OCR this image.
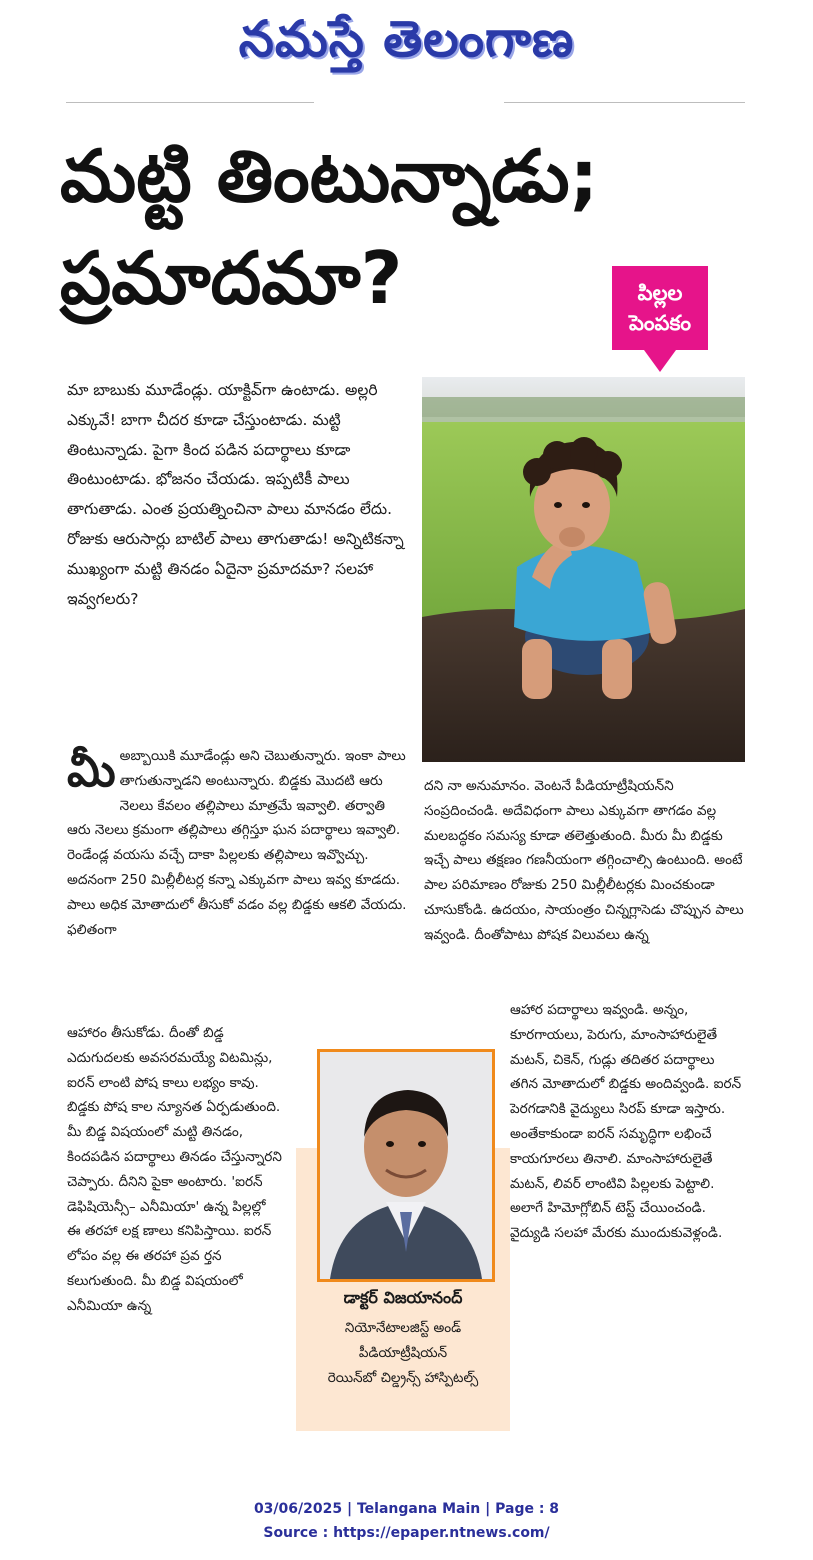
నమస్తే తెలంగాణ
మట్టి తింటున్నాడు;
ప్రమాదమా?	పిల్లల
పెంపకం
మా బాబుకు మూడేండ్లు. యాక్టివ్‌గా ఉంటాడు. అల్లరి ఎక్కువే! బాగా చీదర కూడా చేస్తుంటాడు. మట్టి తింటున్నాడు. పైగా కింద పడిన పదార్థాలు కూడా తింటుంటాడు. భోజనం చేయడు. ఇప్పటికీ పాలు తాగుతాడు. ఎంత ప్రయత్నించినా పాలు మానడం లేదు. రోజుకు ఆరుసార్లు బాటిల్ పాలు తాగుతాడు! అన్నిటికన్నా ముఖ్యంగా మట్టి తినడం ఏదైనా ప్రమాదమా? సలహా ఇవ్వగలరు?
మీ అబ్బాయికి మూడేండ్లు అని చెబుతున్నారు. ఇంకా పాలు తాగుతున్నాడని అంటున్నారు. బిడ్డకు మొదటి ఆరు నెలలు కేవలం తల్లిపాలు మాత్రమే ఇవ్వాలి. తర్వాతి ఆరు నెలలు క్రమంగా తల్లిపాలు తగ్గిస్తూ ఘన పదార్థాలు ఇవ్వాలి. రెండేండ్ల వయసు వచ్చే దాకా పిల్లలకు తల్లిపాలు ఇవ్వొచ్చు. అదనంగా 250 మిల్లీలీటర్ల కన్నా ఎక్కువగా పాలు ఇవ్వ కూడదు. పాలు అధిక మోతాదులో తీసుకో వడం వల్ల బిడ్డకు ఆకలి వేయదు. ఫలితంగా
ఆహారం తీసుకోడు. దీంతో బిడ్డ ఎదుగుదలకు అవసరమయ్యే విటమిన్లు, ఐరన్ లాంటి పోష కాలు లభ్యం కావు. బిడ్డకు పోష కాల న్యూనత ఏర్పడుతుంది. మీ బిడ్డ విషయంలో మట్టి తినడం, కిందపడిన పదార్థాలు తినడం చేస్తున్నారని చెప్పారు. దీనిని పైకా అంటారు. 'ఐరన్ డెఫిషియెన్సీ– ఎనీమియా' ఉన్న పిల్లల్లో ఈ తరహా లక్ష ణాలు కనిపిస్తాయి. ఐరన్ లోపం వల్ల ఈ తరహా ప్రవ ర్తన కలుగుతుంది. మీ బిడ్డ విషయంలో ఎనీమియా ఉన్న
దని నా అనుమానం. వెంటనే పీడియాట్రీషియన్‌ని సంప్రదించండి. అదేవిధంగా పాలు ఎక్కువగా తాగడం వల్ల మలబద్ధకం సమస్య కూడా తలెత్తుతుంది. మీరు మీ బిడ్డకు ఇచ్చే పాలు తక్షణం గణనీయంగా తగ్గించాల్సి ఉంటుంది. అంటే పాల పరిమాణం రోజుకు 250 మిల్లీలీటర్లకు మించకుండా చూసుకోండి. ఉదయం, సాయంత్రం చిన్నగ్లాసెడు చొప్పున పాలు ఇవ్వండి. దీంతోపాటు పోషక విలువలు ఉన్న
డాక్టర్ విజయానంద్
నియోనేటాలజిస్ట్ అండ్
పీడియాట్రీషియన్
రెయిన్‌బో చిల్డ్రన్స్ హాస్పిటల్స్
ఆహార పదార్థాలు ఇవ్వండి. అన్నం, కూరగాయలు, పెరుగు, మాంసాహారులైతే మటన్, చికెన్, గుడ్లు తదితర పదార్థాలు తగిన మోతాదులో బిడ్డకు అందివ్వండి. ఐరన్ పెరగడానికి వైద్యులు సిరప్ కూడా ఇస్తారు. అంతేకాకుండా ఐరన్ సమృద్ధిగా లభించే కాయగూరలు తినాలి. మాంసాహారులైతే మటన్, లివర్ లాంటివి పిల్లలకు పెట్టాలి. అలాగే హిమోగ్లోబిన్ టెస్ట్ చేయించండి. వైద్యుడి సలహా మేరకు ముందుకువెళ్లండి.
03/06/2025 | Telangana Main | Page : 8
Source : https://epaper.ntnews.com/
